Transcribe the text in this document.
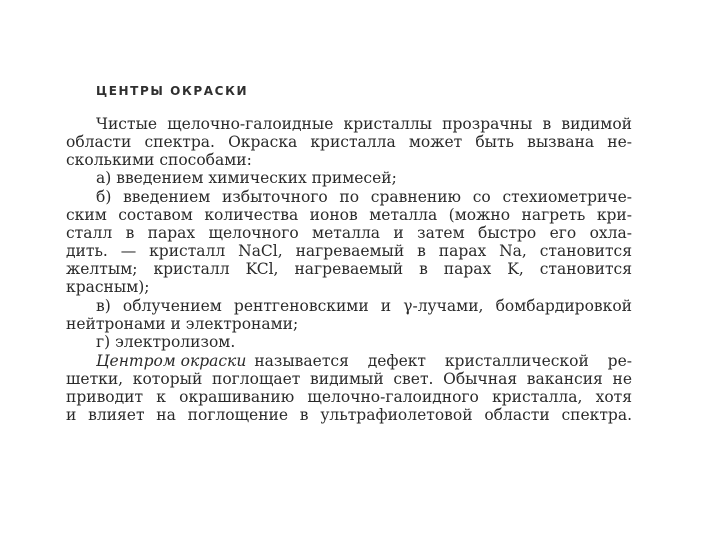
ЦЕНТРЫ ОКРАСКИ
Чистые щелочно-галоидные кристаллы прозрачны в видимой
области спектра. Окраска кристалла может быть вызвана не-
сколькими способами:
а) введением химических примесей;
б) введением избыточного по сравнению со стехиометриче-
ским составом количества ионов металла (можно нагреть кри-
сталл в парах щелочного металла и затем быстро его охла-
дить. — кристалл NaCl, нагреваемый в парах Na, становится
желтым; кристалл KCl, нагреваемый в парах K, становится
красным);
в) облучением рентгеновскими и γ-лучами, бомбардировкой
нейтронами и электронами;
г) электролизом.
Центром окраски называется дефект кристаллической ре-
шетки, который поглощает видимый свет. Обычная вакансия не
приводит к окрашиванию щелочно-галоидного кристалла, хотя
и влияет на поглощение в ультрафиолетовой области спектра.
